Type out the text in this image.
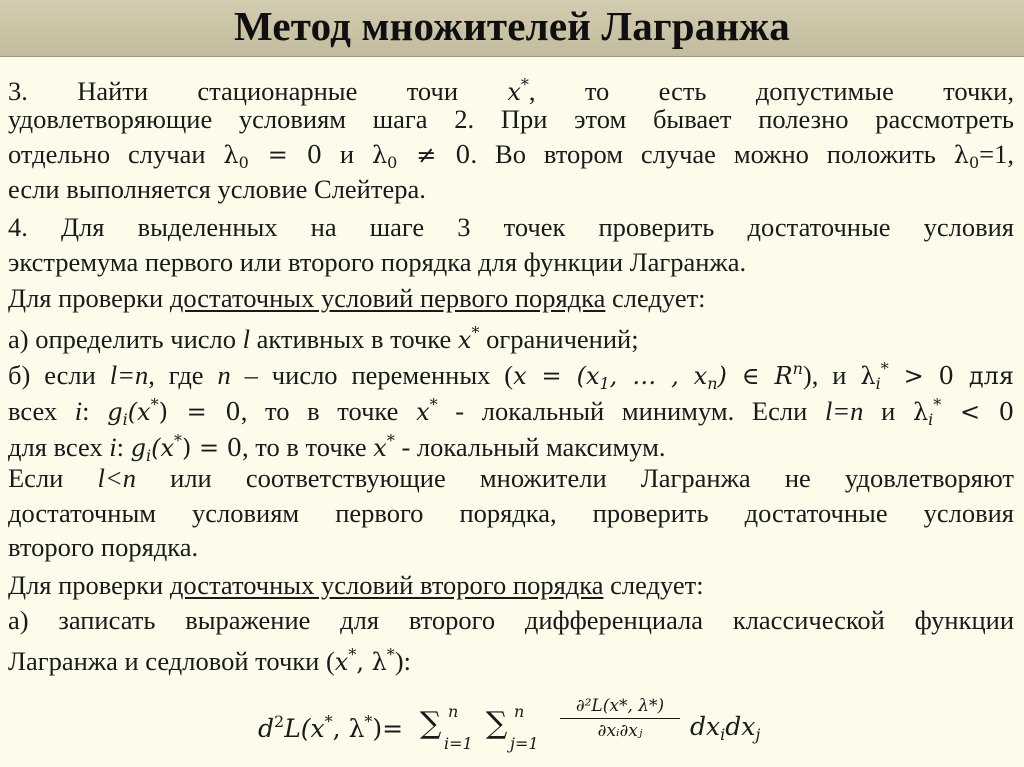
Метод множителей Лагранжа
3. Найти стационарные точи x*, то есть допустимые точки,
удовлетворяющие условиям шага 2. При этом бывает полезно рассмотреть
отдельно случаи $\lambda_0 = 0$ и $\lambda_0 \ne 0$. Во втором случае можно положить $\lambda_0=1$,
если выполняется условие Слейтера.
4. Для выделенных на шаге 3 точек проверить достаточные условия
экстремума первого или второго порядка для функции Лагранжа.
Для проверки достаточных условий первого порядка следует:
а) определить число l активных в точке x* ограничений;
б) если l=n, где n – число переменных ($x = (x_1$, … , $x_n$) ∈ $R^n$), и $\lambda_i^* > 0$ для
всех i: $g_i(x^*) = 0$, то в точке x* - локальный минимум. Если l=n и $\lambda_i^* < 0$
для всех i: $g_i(x^*) = 0$, то в точке x* - локальный максимум.
Если l<n или соответствующие множители Лагранжа не удовлетворяют
достаточным условиям первого порядка, проверить достаточные условия
второго порядка.
Для проверки достаточных условий второго порядка следует:
а) записать выражение для второго дифференциала классической функции
Лагранжа и седловой точки (x*, λ*):
$d^2L(x^*$, λ*)= ∑
i=1
n ∑
j=1
n $\frac{\text{∂²L(x*, λ*)}}{\text{∂xᵢ∂xⱼ}} dx_idx_j$
